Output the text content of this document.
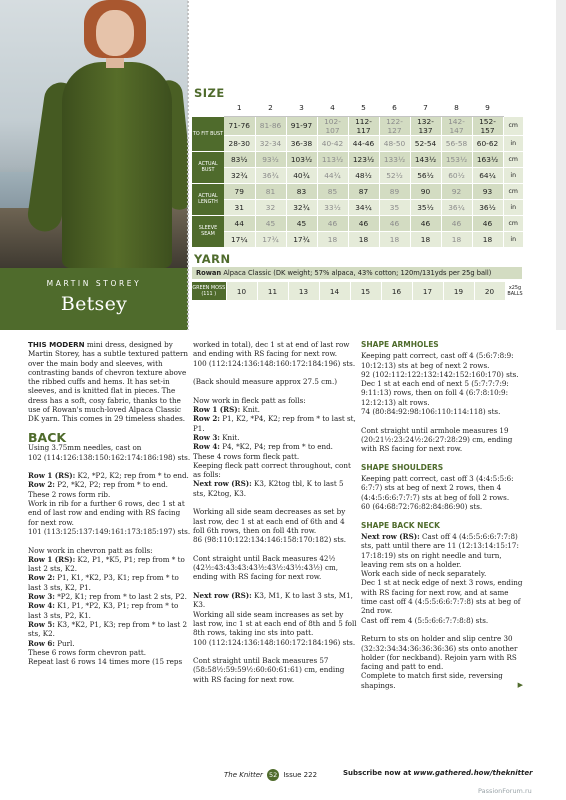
MARTIN STOREY
Betsey
SIZE
	1	2	3	4	5	6	7	8	9	
TO FIT BUST	71-76	81-86	91-97	102-107	112-117	122-127	132-137	142-147	152-157	cm
	28-30	32-34	36-38	40-42	44-46	48-50	52-54	56-58	60-62	in
ACTUAL BUST	83½	93½	103½	113½	123½	133½	143½	153½	163½	cm
	32¾	36¾	40¾	44¾	48½	52½	56½	60½	64¼	in
ACTUAL LENGTH	79	81	83	85	87	89	90	92	93	cm
	31	32	32¾	33½	34¼	35	35½	36¼	36½	in
SLEEVE SEAM	44	45	45	46	46	46	46	46	46	cm
	17¼	17¾	17¾	18	18	18	18	18	18	in
YARN
Rowan Alpaca Classic (DK weight; 57% alpaca, 43% cotton; 120m/131yds per 25g ball)
GREEN MOSS (111 )	10	11	13	14	15	16	17	19	20	x25g BALLS

THIS MODERN mini dress, designed by Martin Storey, has a subtle textured pattern over the main body and sleeves, with contrasting bands of chevron texture above the ribbed cuffs and hems. It has set-in sleeves, and is knitted flat in pieces. The dress has a soft, cosy fabric, thanks to the use of Rowan's much-loved Alpaca Classic DK yarn. This comes in 29 timeless shades.

BACK

Using 3.75mm needles, cast on
102 (114:126:138:150:162:174:186:198) sts.

Row 1 (RS): K2, *P2, K2; rep from * to end.

Row 2: P2, *K2, P2; rep from * to end.

These 2 rows form rib.

Work in rib for a further 6 rows, dec 1 st at end of last row and ending with RS facing for next row.

101 (113:125:137:149:161:173:185:197) sts.

Now work in chevron patt as folls:

Row 1 (RS): K2, P1, *K5, P1; rep from * to last 2 sts, K2.

Row 2: P1, K1, *K2, P3, K1; rep from * to last 3 sts, K2, P1.

Row 3: *P2, K1; rep from * to last 2 sts, P2.

Row 4: K1, P1, *P2, K3, P1; rep from * to last 3 sts, P2, K1.

Row 5: K3, *K2, P1, K3; rep from * to last 2 sts, K2.

Row 6: Purl.

These 6 rows form chevron patt.

Repeat last 6 rows 14 times more (15 reps

worked in total), dec 1 st at end of last row and ending with RS facing for next row.

100 (112:124:136:148:160:172:184:196) sts.

(Back should measure approx 27.5 cm.)

Now work in fleck patt as folls:

Row 1 (RS): Knit.

Row 2: P1, K2, *P4, K2; rep from * to last st, P1.

Row 3: Knit.

Row 4: P4, *K2, P4; rep from * to end.

These 4 rows form fleck patt.

Keeping fleck patt correct throughout, cont as folls:

Next row (RS): K3, K2tog tbl, K to last 5 sts, K2tog, K3.

Working all side seam decreases as set by last row, dec 1 st at each end of 6th and 4 foll 6th rows, then on foll 4th row.

86 (98:110:122:134:146:158:170:182) sts.

Cont straight until Back measures 42½ (42½:43:43:43:43½:43½:43½:43½) cm, ending with RS facing for next row.

Next row (RS): K3, M1, K to last 3 sts, M1, K3.

Working all side seam increases as set by last row, inc 1 st at each end of 8th and 5 foll 8th rows, taking inc sts into patt.

100 (112:124:136:148:160:172:184:196) sts.

Cont straight until Back measures 57 (58:58½:59:59½:60:60:61:61) cm, ending with RS facing for next row.

SHAPE ARMHOLES

Keeping patt correct, cast off 4 (5:6:7:8:9: 10:12:13) sts at beg of next 2 rows.

92 (102:112:122:132:142:152:160:170) sts.

Dec 1 st at each end of next 5 (5:7:7:7:9: 9:11:13) rows, then on foll 4 (6:7:8:10:9: 12:12:13) alt rows.

74 (80:84:92:98:106:110:114:118) sts.

Cont straight until armhole measures 19 (20:21½:23:24½:26:27:28:29) cm, ending with RS facing for next row.

SHAPE SHOULDERS

Keeping patt correct, cast off 3 (4:4:5:5:6: 6:7:7) sts at beg of next 2 rows, then 4 (4:4:5:6:6:7:7:7) sts at beg of foll 2 rows.

60 (64:68:72:76:82:84:86:90) sts.

SHAPE BACK NECK

Next row (RS): Cast off 4 (4:5:5:6:6:7:7:8) sts, patt until there are 11 (12:13:14:15:17: 17:18:19) sts on right needle and turn, leaving rem sts on a holder.

Work each side of neck separately.

Dec 1 st at neck edge of next 3 rows, ending with RS facing for next row, and at same time cast off 4 (4:5:5:6:6:7:7:8) sts at beg of 2nd row.

Cast off rem 4 (5:5:6:6:7:7:8:8) sts.

Return to sts on holder and slip centre 30 (32:32:34:34:36:36:36:36) sts onto another holder (for neckband). Rejoin yarn with RS facing and patt to end.

Complete to match first side, reversing shapings.	▶

The Knitter 52 Issue 222	Subscribe now at www.gathered.how/theknitter
PassionForum.ru
